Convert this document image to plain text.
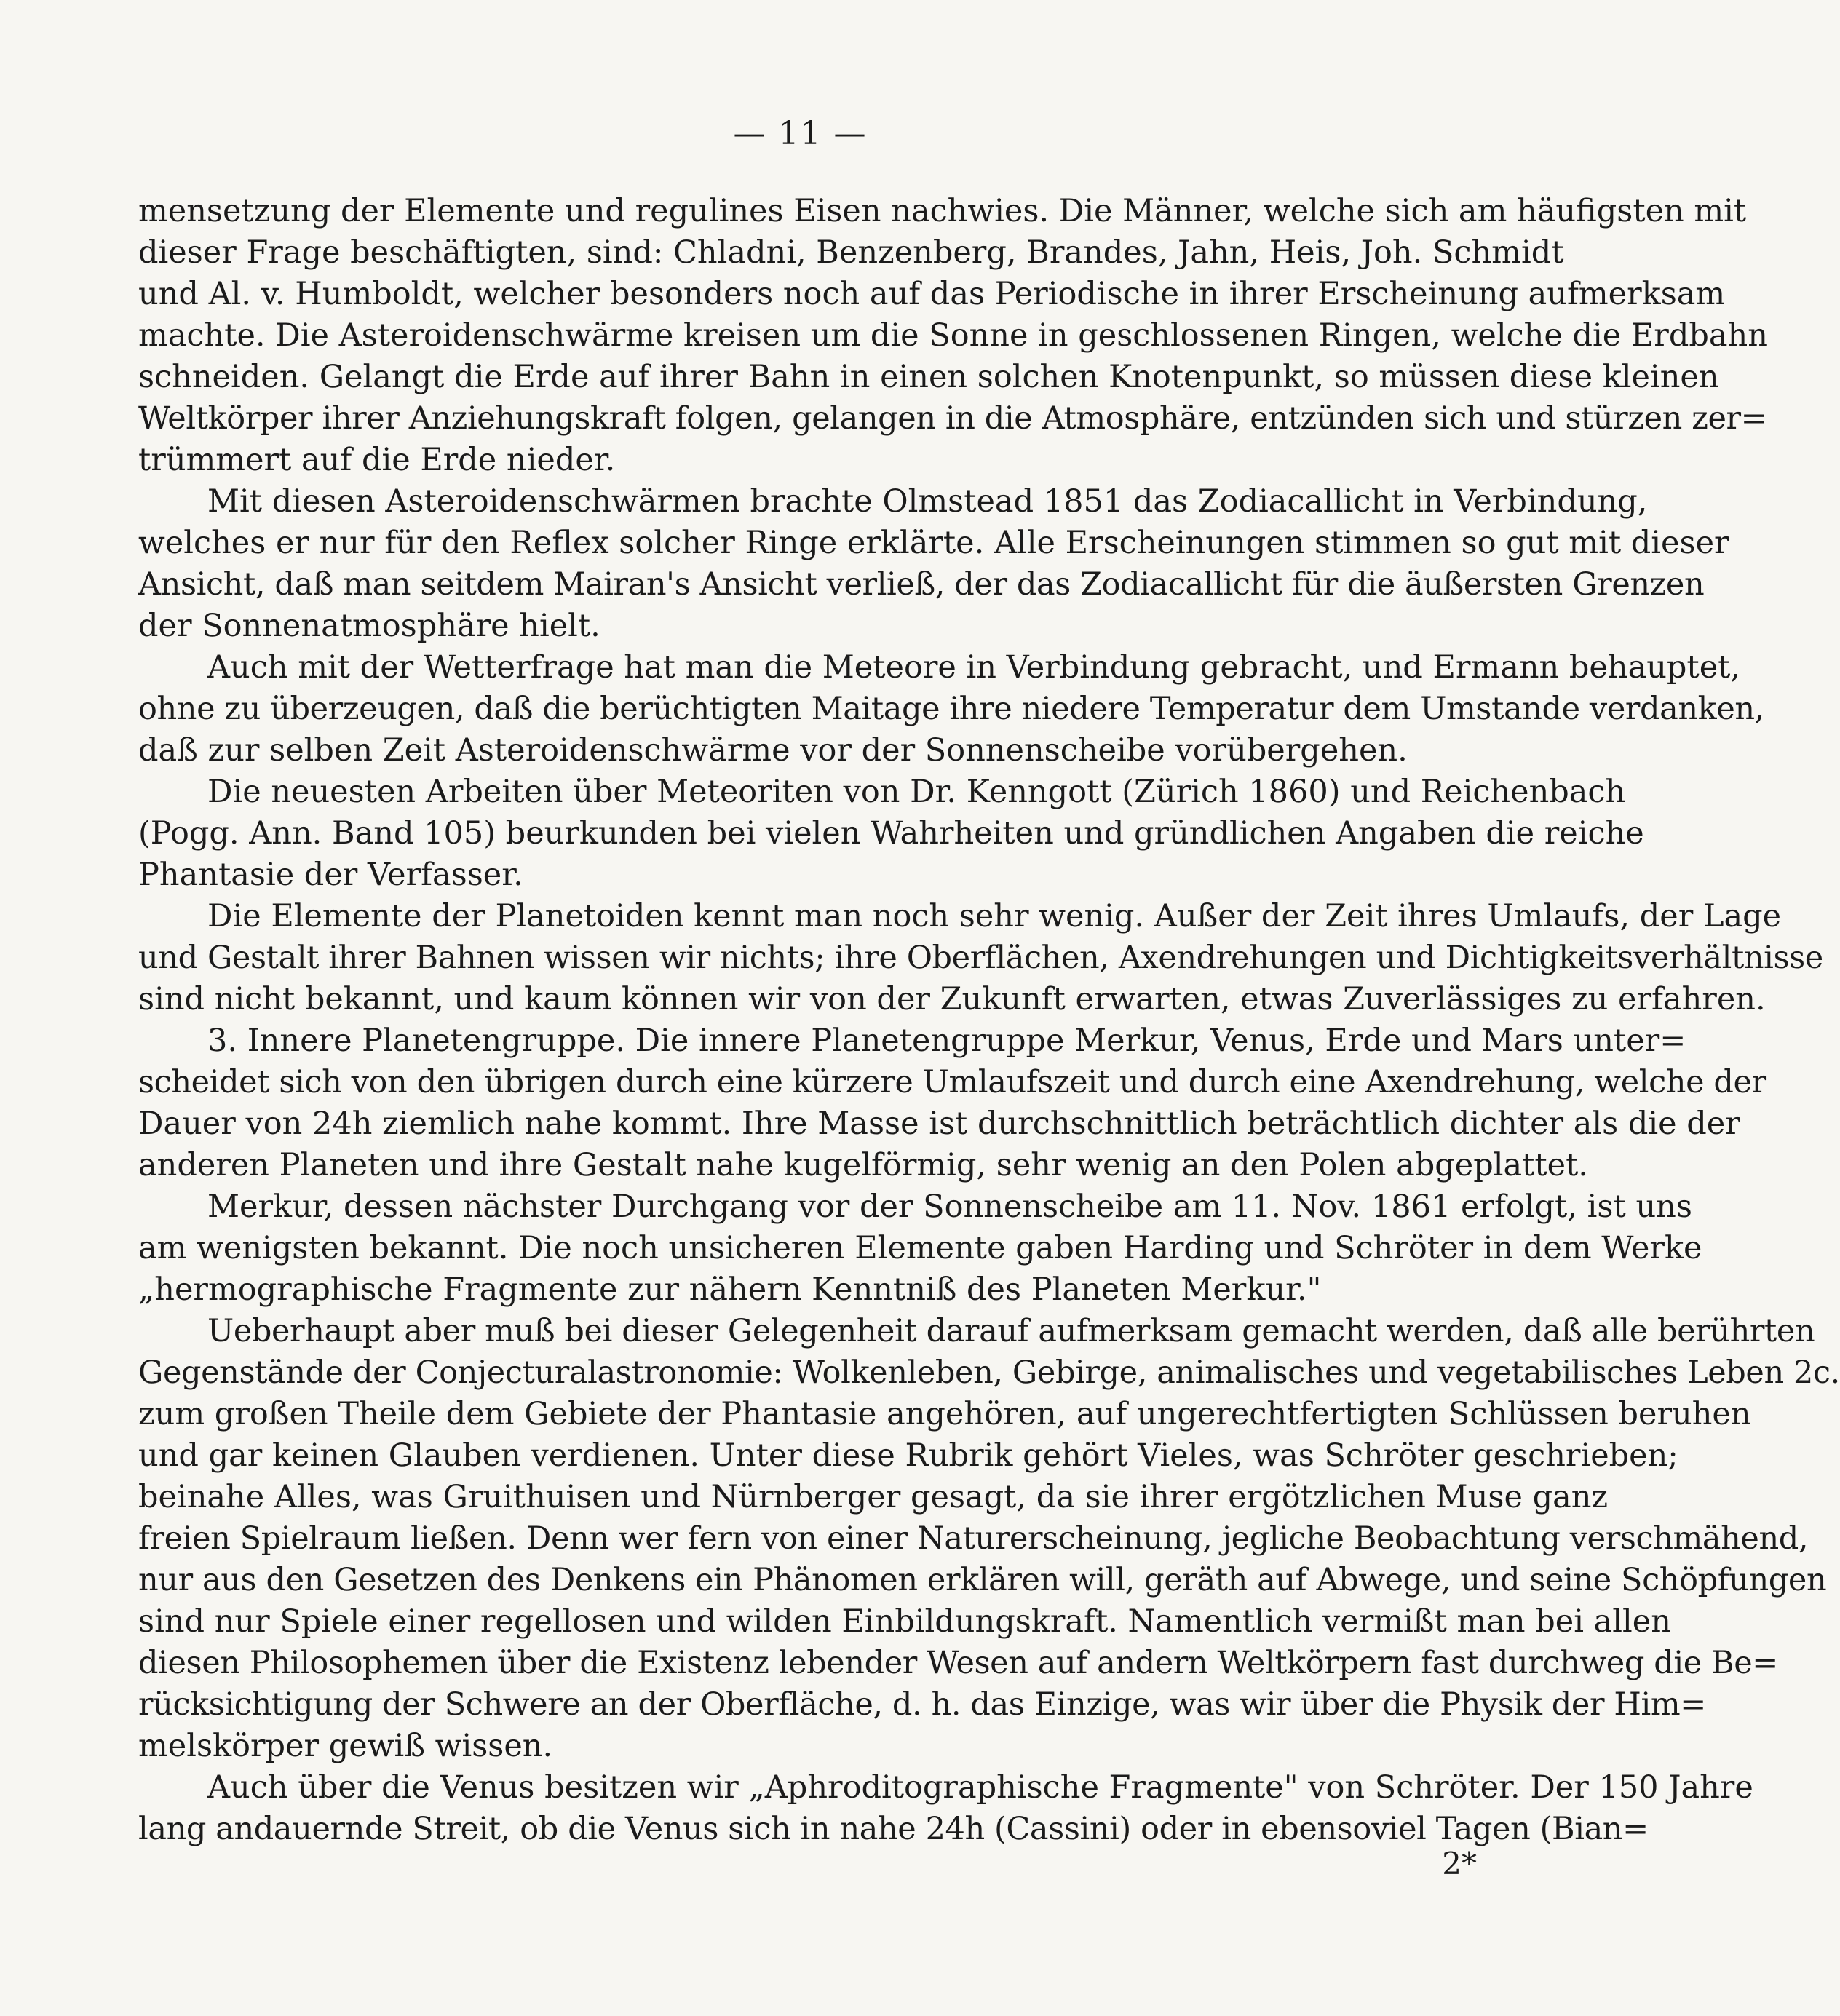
— 11 —
mensetzung der Elemente und regulines Eisen nachwies. Die Männer, welche sich am häufigsten mit
dieser Frage beschäftigten, sind: Chladni, Benzenberg, Brandes, Jahn, Heis, Joh. Schmidt
und Al. v. Humboldt, welcher besonders noch auf das Periodische in ihrer Erscheinung aufmerksam
machte. Die Asteroidenschwärme kreisen um die Sonne in geschlossenen Ringen, welche die Erdbahn
schneiden. Gelangt die Erde auf ihrer Bahn in einen solchen Knotenpunkt, so müssen diese kleinen
Weltkörper ihrer Anziehungskraft folgen, gelangen in die Atmosphäre, entzünden sich und stürzen zer=
trümmert auf die Erde nieder.
Mit diesen Asteroidenschwärmen brachte Olmstead 1851 das Zodiacallicht in Verbindung,
welches er nur für den Reflex solcher Ringe erklärte. Alle Erscheinungen stimmen so gut mit dieser
Ansicht, daß man seitdem Mairan's Ansicht verließ, der das Zodiacallicht für die äußersten Grenzen
der Sonnenatmosphäre hielt.
Auch mit der Wetterfrage hat man die Meteore in Verbindung gebracht, und Ermann behauptet,
ohne zu überzeugen, daß die berüchtigten Maitage ihre niedere Temperatur dem Umstande verdanken,
daß zur selben Zeit Asteroidenschwärme vor der Sonnenscheibe vorübergehen.
Die neuesten Arbeiten über Meteoriten von Dr. Kenngott (Zürich 1860) und Reichenbach
(Pogg. Ann. Band 105) beurkunden bei vielen Wahrheiten und gründlichen Angaben die reiche
Phantasie der Verfasser.
Die Elemente der Planetoiden kennt man noch sehr wenig. Außer der Zeit ihres Umlaufs, der Lage
und Gestalt ihrer Bahnen wissen wir nichts; ihre Oberflächen, Axendrehungen und Dichtigkeitsverhältnisse
sind nicht bekannt, und kaum können wir von der Zukunft erwarten, etwas Zuverlässiges zu erfahren.
3. Innere Planetengruppe. Die innere Planetengruppe Merkur, Venus, Erde und Mars unter=
scheidet sich von den übrigen durch eine kürzere Umlaufszeit und durch eine Axendrehung, welche der
Dauer von 24h ziemlich nahe kommt. Ihre Masse ist durchschnittlich beträchtlich dichter als die der
anderen Planeten und ihre Gestalt nahe kugelförmig, sehr wenig an den Polen abgeplattet.
Merkur, dessen nächster Durchgang vor der Sonnenscheibe am 11. Nov. 1861 erfolgt, ist uns
am wenigsten bekannt. Die noch unsicheren Elemente gaben Harding und Schröter in dem Werke
„hermographische Fragmente zur nähern Kenntniß des Planeten Merkur."
Ueberhaupt aber muß bei dieser Gelegenheit darauf aufmerksam gemacht werden, daß alle berührten
Gegenstände der Conjecturalastronomie: Wolkenleben, Gebirge, animalisches und vegetabilisches Leben 2c.
zum großen Theile dem Gebiete der Phantasie angehören, auf ungerechtfertigten Schlüssen beruhen
und gar keinen Glauben verdienen. Unter diese Rubrik gehört Vieles, was Schröter geschrieben;
beinahe Alles, was Gruithuisen und Nürnberger gesagt, da sie ihrer ergötzlichen Muse ganz
freien Spielraum ließen. Denn wer fern von einer Naturerscheinung, jegliche Beobachtung verschmähend,
nur aus den Gesetzen des Denkens ein Phänomen erklären will, geräth auf Abwege, und seine Schöpfungen
sind nur Spiele einer regellosen und wilden Einbildungskraft. Namentlich vermißt man bei allen
diesen Philosophemen über die Existenz lebender Wesen auf andern Weltkörpern fast durchweg die Be=
rücksichtigung der Schwere an der Oberfläche, d. h. das Einzige, was wir über die Physik der Him=
melskörper gewiß wissen.
Auch über die Venus besitzen wir „Aphroditographische Fragmente" von Schröter. Der 150 Jahre
lang andauernde Streit, ob die Venus sich in nahe 24h (Cassini) oder in ebensoviel Tagen (Bian=
2*
